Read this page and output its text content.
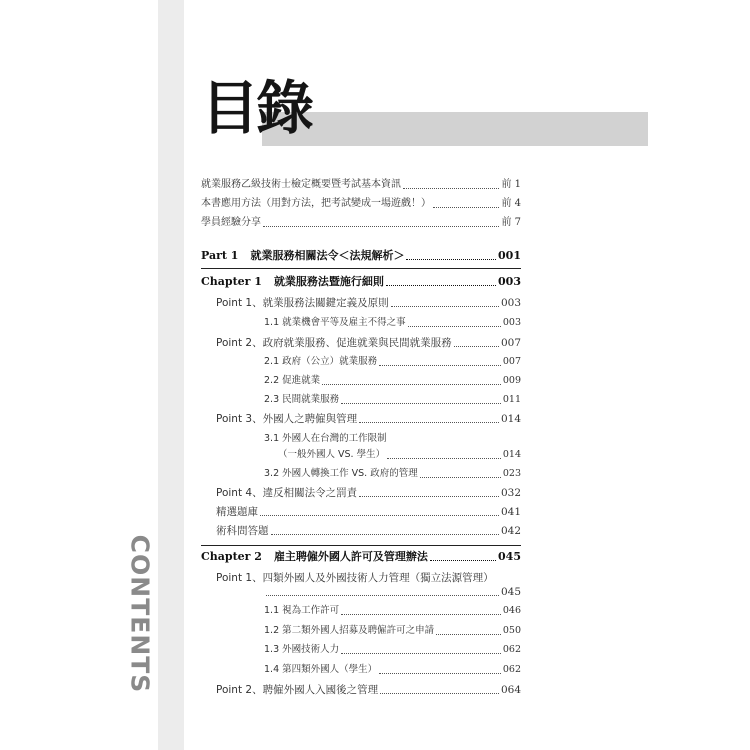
CONTENTS
目錄
就業服務乙級技術士檢定概要暨考試基本資訊	前 1
本書應用方法（用對方法，把考試變成一場遊戲！）	前 4
學員經驗分享	前 7
Part 1 就業服務相關法令＜法規解析＞	001
Chapter 1 就業服務法暨施行細則	003
Point 1、就業服務法關鍵定義及原則	003
1.1 就業機會平等及雇主不得之事	003
Point 2、政府就業服務、促進就業與民間就業服務	007
2.1 政府（公立）就業服務	007
2.2 促進就業	009
2.3 民間就業服務	011
Point 3、外國人之聘僱與管理	014
3.1 外國人在台灣的工作限制
（一般外國人 VS. 學生）	014
3.2 外國人轉換工作 VS. 政府的管理	023
Point 4、違反相關法令之罰責	032
精選題庫	041
術科問答題	042
Chapter 2 雇主聘僱外國人許可及管理辦法	045
Point 1、四類外國人及外國技術人力管理（獨立法源管理）
045
1.1 視為工作許可	046
1.2 第二類外國人招募及聘僱許可之申請	050
1.3 外國技術人力	062
1.4 第四類外國人（學生）	062
Point 2、聘僱外國人入國後之管理	064
